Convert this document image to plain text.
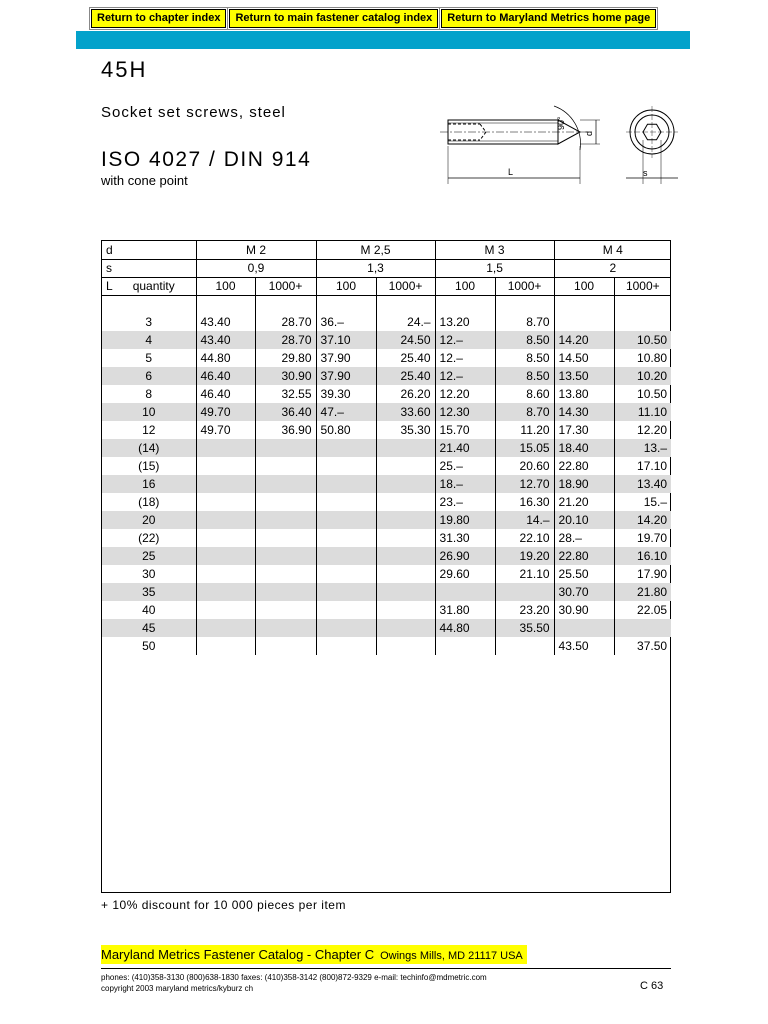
Return to chapter index	Return to main fastener catalog index	Return to Maryland Metrics home page
45H
Socket set screws, steel
ISO 4027 / DIN 914
with cone point
90°
d
L	s
d	M 2		M 2,5		M 3		M 4	
s	0,9		1,3		1,5		2	
L quantity	100	1000+	100	1000+	100	1000+	100	1000+

3	43.40	28.70	36.–	24.–	13.20	8.70		
4	43.40	28.70	37.10	24.50	12.–	8.50	14.20	10.50
5	44.80	29.80	37.90	25.40	12.–	8.50	14.50	10.80
6	46.40	30.90	37.90	25.40	12.–	8.50	13.50	10.20
8	46.40	32.55	39.30	26.20	12.20	8.60	13.80	10.50
10	49.70	36.40	47.–	33.60	12.30	8.70	14.30	11.10
12	49.70	36.90	50.80	35.30	15.70	11.20	17.30	12.20
(14)					21.40	15.05	18.40	13.–
(15)					25.–	20.60	22.80	17.10
16					18.–	12.70	18.90	13.40
(18)					23.–	16.30	21.20	15.–
20					19.80	14.–	20.10	14.20
(22)					31.30	22.10	28.–	19.70
25					26.90	19.20	22.80	16.10
30					29.60	21.10	25.50	17.90
35							30.70	21.80
40					31.80	23.20	30.90	22.05
45					44.80	35.50		
50							43.50	37.50
+ 10% discount for 10 000 pieces per item
Maryland Metrics Fastener Catalog - Chapter C Owings Mills, MD 21117 USA
phones: (410)358-3130 (800)638-1830 faxes: (410)358-3142 (800)872-9329 e-mail: techinfo@mdmetric.com
copyright 2003 maryland metrics/kyburz ch	C 63
